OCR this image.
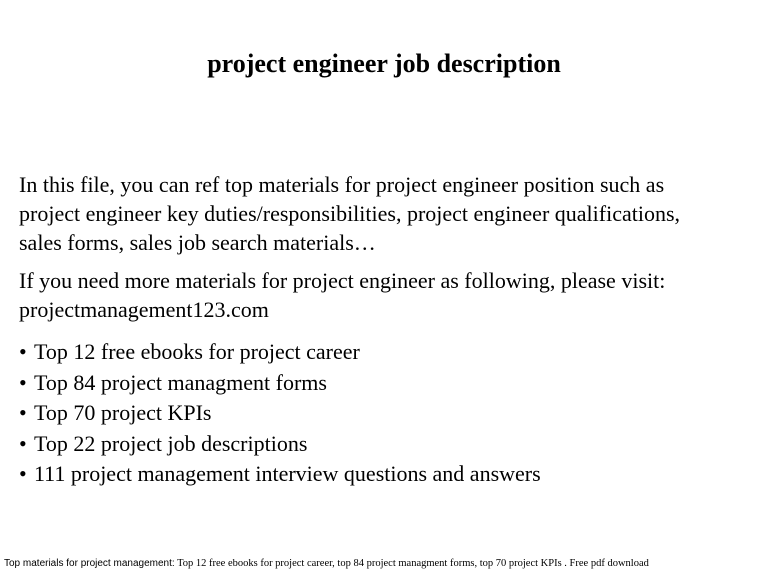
project engineer job description
In this file, you can ref top materials for project engineer position such as
project engineer key duties/responsibilities, project engineer qualifications,
sales forms, sales job search materials…
If you need more materials for project engineer as following, please visit:
projectmanagement123.com
• Top 12 free ebooks for project career
• Top 84 project managment forms
• Top 70 project KPIs
• Top 22 project job descriptions
• 111 project management interview questions and answers
Top materials for project management: Top 12 free ebooks for project career, top 84 project managment forms, top 70 project KPIs . Free pdf download
